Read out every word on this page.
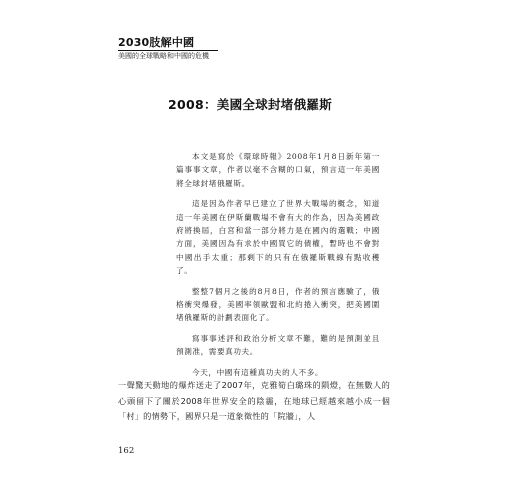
2030肢解中國
美國的全球戰略和中國的危機
2008：美國全球封堵俄羅斯

本文是寫於《環球時報》2008年1月8日新年第一篇事事文章，作者以毫不含糊的口氣，預言這一年美國將全球封堵俄羅斯。

這是因為作者早已建立了世界大戰場的概念，知道這一年美國在伊斯蘭戰場不會有大的作為，因為美國政府將換屆，白宮和當一部分將力是在國內的選戰；中國方面，美國因為有求於中國買它的債權，暫時也不會對中國出手太重；那剩下的只有在俄羅斯戰線有點收穫了。

整整7個月之後的8月8日，作者的預言應驗了，俄格衝突爆發，美國率領歐盟和北約捲入衝突，把美國圍堵俄羅斯的計劃表面化了。

寫事事述評和政治分析文章不難，難的是預測並且預測准，需要真功夫。

今天，中國有這種真功夫的人不多。

一聲驚天動地的爆炸送走了2007年，克雅筍白璐珠的隕燈，在無數人的心頭留下了關於2008年世界安全的陰霾，在地球已經越來越小成一個「村」的情勢下，國界只是一道象徵性的「院牆」，人

162
